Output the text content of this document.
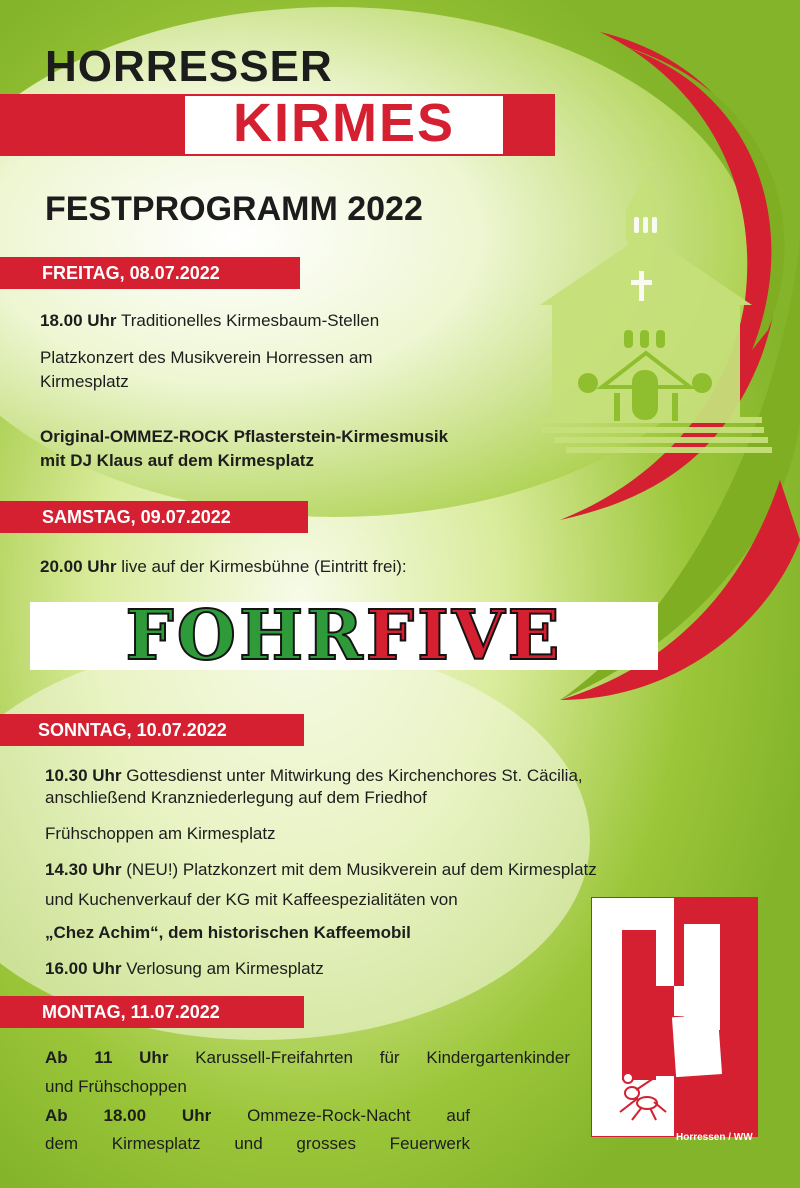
HORRESSER
KIRMES
FESTPROGRAMM 2022
FREITAG, 08.07.2022
18.00 Uhr Traditionelles Kirmesbaum-Stellen
Platzkonzert des Musikverein Horressen am
Kirmesplatz
Original-OMMEZ-ROCK Pflasterstein-Kirmesmusik
mit DJ Klaus auf dem Kirmesplatz
SAMSTAG, 09.07.2022
20.00 Uhr live auf der Kirmesbühne (Eintritt frei):
FOHRFIVE
SONNTAG, 10.07.2022
10.30 Uhr Gottesdienst unter Mitwirkung des Kirchenchores St. Cäcilia,
anschließend Kranzniederlegung auf dem Friedhof
Frühschoppen am Kirmesplatz
14.30 Uhr (NEU!) Platzkonzert mit dem Musikverein auf dem Kirmesplatz
und Kuchenverkauf der KG mit Kaffeespezialitäten von
„Chez Achim“, dem historischen Kaffeemobil
16.00 Uhr Verlosung am Kirmesplatz
MONTAG, 11.07.2022
Ab 11 Uhr Karussell-Freifahrten für Kindergartenkinder
und Frühschoppen
Ab 18.00 Uhr Ommeze-Rock-Nacht auf
dem Kirmesplatz und grosses Feuerwerk	Horressen / WW
